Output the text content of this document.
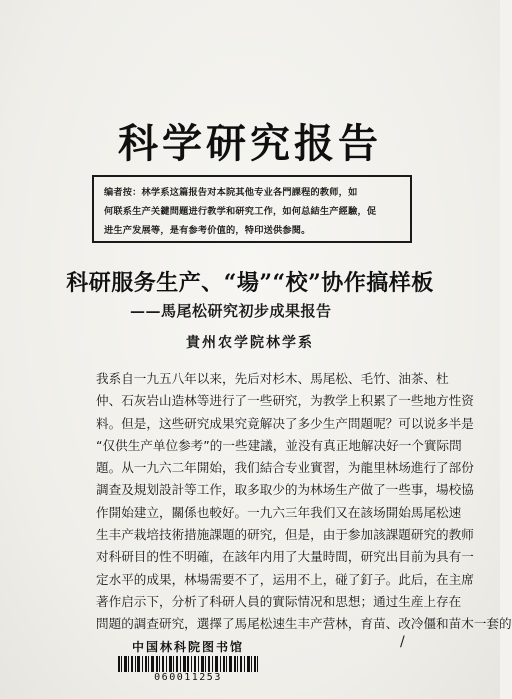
科学研究报告
编者按：林学系这篇报告对本院其他专业各門課程的教师，如
何联系生产关鍵問題进行教学和研究工作，如何总結生产經驗，促
进生产发展等，是有参考价值的，特印送供参閱。
科研服务生产、“場”“校”协作搞样板
——馬尾松研究初步成果报告
貴州农学院林学系
我系自一九五八年以来，先后对杉木、馬尾松、毛竹、油茶、杜
仲、石灰岩山造林等进行了一些研究，为教学上积累了一些地方性资
料。但是，这些研究成果究竟解决了多少生产問題呢？可以说多半是
“仅供生产单位参考”的一些建議，並没有真正地解决好一个實际問
題。从一九六二年開始，我们結合专业實習，为龍里林场進行了部份
調查及規划設計等工作，取多取少的为林场生产做了一些事，場校協
作開始建立，關係也較好。一九六三年我们又在該场開始馬尾松速
生丰产栽培技術措施課題的研究，但是，由于参加該課題研究的教师
对科研目的性不明確，在該年内用了大量時間，研究出目前为具有一
定水平的成果，林場需要不了，运用不上，碰了釘子。此后，在主席
著作启示下，分析了科研人員的實际情况和思想；通过生産上存在
問題的調查研究，選擇了馬尾松速生丰产营林，育苗、改冷僵和苗木一套的
/
中国林科院图书馆
060011253
